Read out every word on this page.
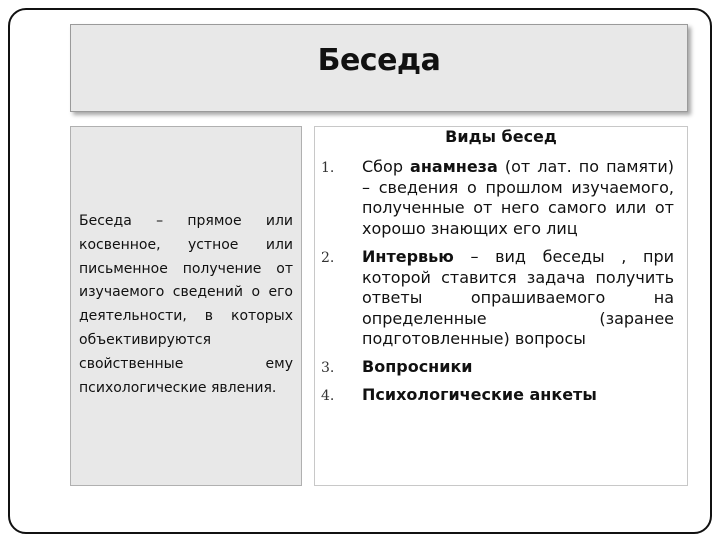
Беседа

Беседа – прямое или косвенное, устное или письменное получение от изучаемого сведений о его деятельности, в которых объективируются свойственные ему психологические явления.

Виды бесед
1. Сбор анамнеза (от лат. по памяти) – сведения о прошлом изучаемого, полученные от него самого или от хорошо знающих его лиц

2. Интервью – вид беседы , при которой ставится задача получить ответы опрашиваемого на определенные (заранее подготовленные) вопросы

3. Вопросники

4. Психологические анкеты
